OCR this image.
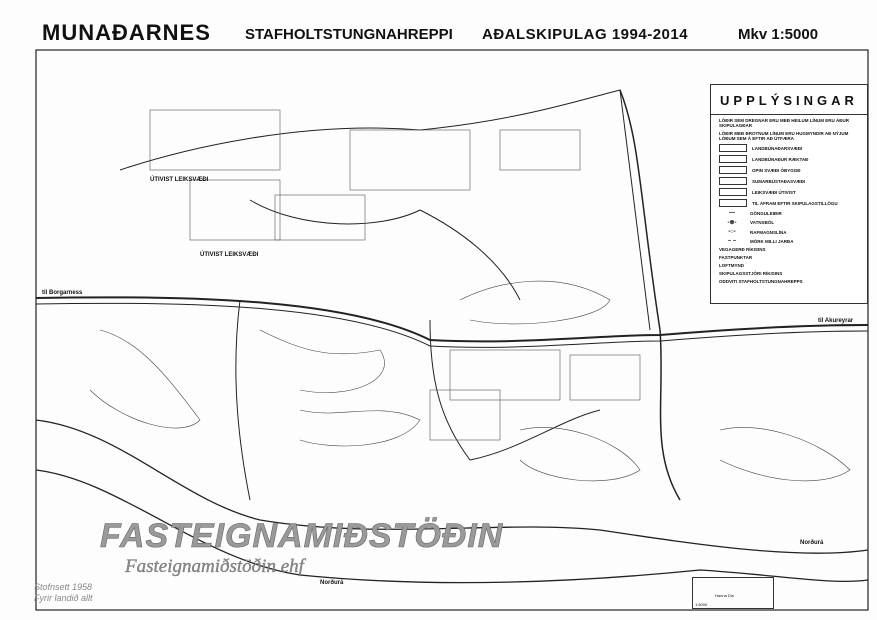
MUNAÐARNES STAFHOLTSTUNGNAHREPPI AÐALSKIPULAG 1994-2014	Mkv 1:5000
UPPLÝSINGAR
LÓÐIR SEM DREGNAR ERU MEÐ HEILUM LÍNUM ERU ÁÐUR SKIPULAGÐAR
LÓÐIR MEÐ BROTNUM LÍNUM ERU HUGMYNDIR AÐ NÝJUM LÓÐUM SEM Á EFTIR AÐ ÚTFÆRA
LANDBÚNAÐARSVÆÐI
LANDBÚNAÐUR RÆKTAÐ
OPIN SVÆÐI ÓBYGGÐ
SUMARBÚSTAÐASVÆÐI
LEIKSVÆÐI ÚTIVIST
TIL ÁFRAM EFTIR SKIPULAGSTILLÖGU
―	GÖNGULEIÐIR
-⊗-	VATNSBÓL
-○-	RAFMAGNSLÍNA
– –	MÖRK MILLI JARÐA
VEGAGERÐ RÍKISINS
FASTPUNKTAR
LOFTMYND
SKIPULAGSSTJÓRI RÍKISINS
ODDVITI STAFHOLTSTUNGNAHREPPS
til Borgarness
til Akureyrar
Norðurá
Norðurá
ÚTIVIST LEIKSVÆÐI
ÚTIVIST LEIKSVÆÐI
FASTEIGNAMIÐSTÖÐIN
Fasteignamiðstöðin ehf
Stofnsett 1958
Fyrir landið allt	Hanna Dís
1:5000
